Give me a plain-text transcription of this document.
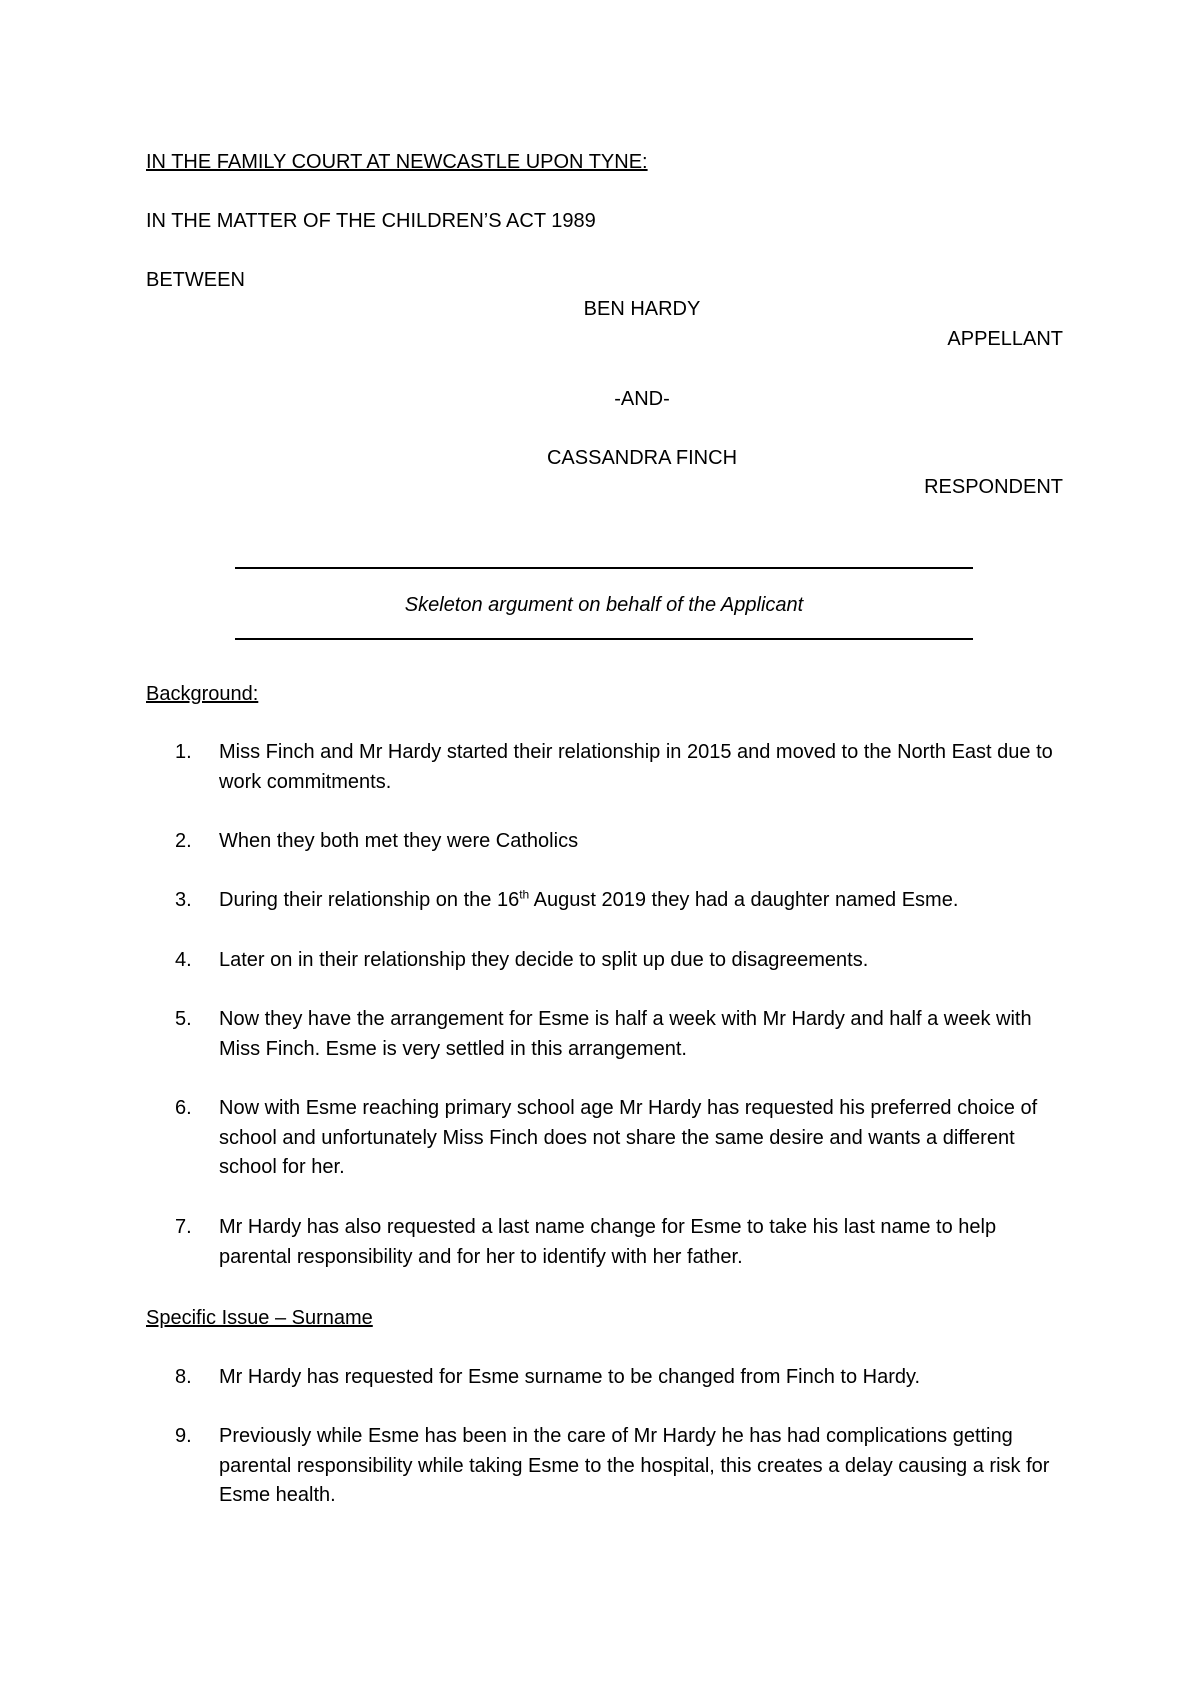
IN THE FAMILY COURT AT NEWCASTLE UPON TYNE:
IN THE MATTER OF THE CHILDREN’S ACT 1989
BETWEEN
BEN HARDY
APPELLANT
-AND-
CASSANDRA FINCH
RESPONDENT
Skeleton argument on behalf of the Applicant
Background:
1.	Miss Finch and Mr Hardy started their relationship in 2015 and moved to the North East due to work commitments.
2.	When they both met they were Catholics
3.	During their relationship on the 16th August 2019 they had a daughter named Esme.
4.	Later on in their relationship they decide to split up due to disagreements.
5.	Now they have the arrangement for Esme is half a week with Mr Hardy and half a week with Miss Finch. Esme is very settled in this arrangement.
6.	Now with Esme reaching primary school age Mr Hardy has requested his preferred choice of school and unfortunately Miss Finch does not share the same desire and wants a different school for her.
7.	Mr Hardy has also requested a last name change for Esme to take his last name to help parental responsibility and for her to identify with her father.
Specific Issue – Surname
8.	Mr Hardy has requested for Esme surname to be changed from Finch to Hardy.
9.	Previously while Esme has been in the care of Mr Hardy he has had complications getting parental responsibility while taking Esme to the hospital, this creates a delay causing a risk for Esme health.
